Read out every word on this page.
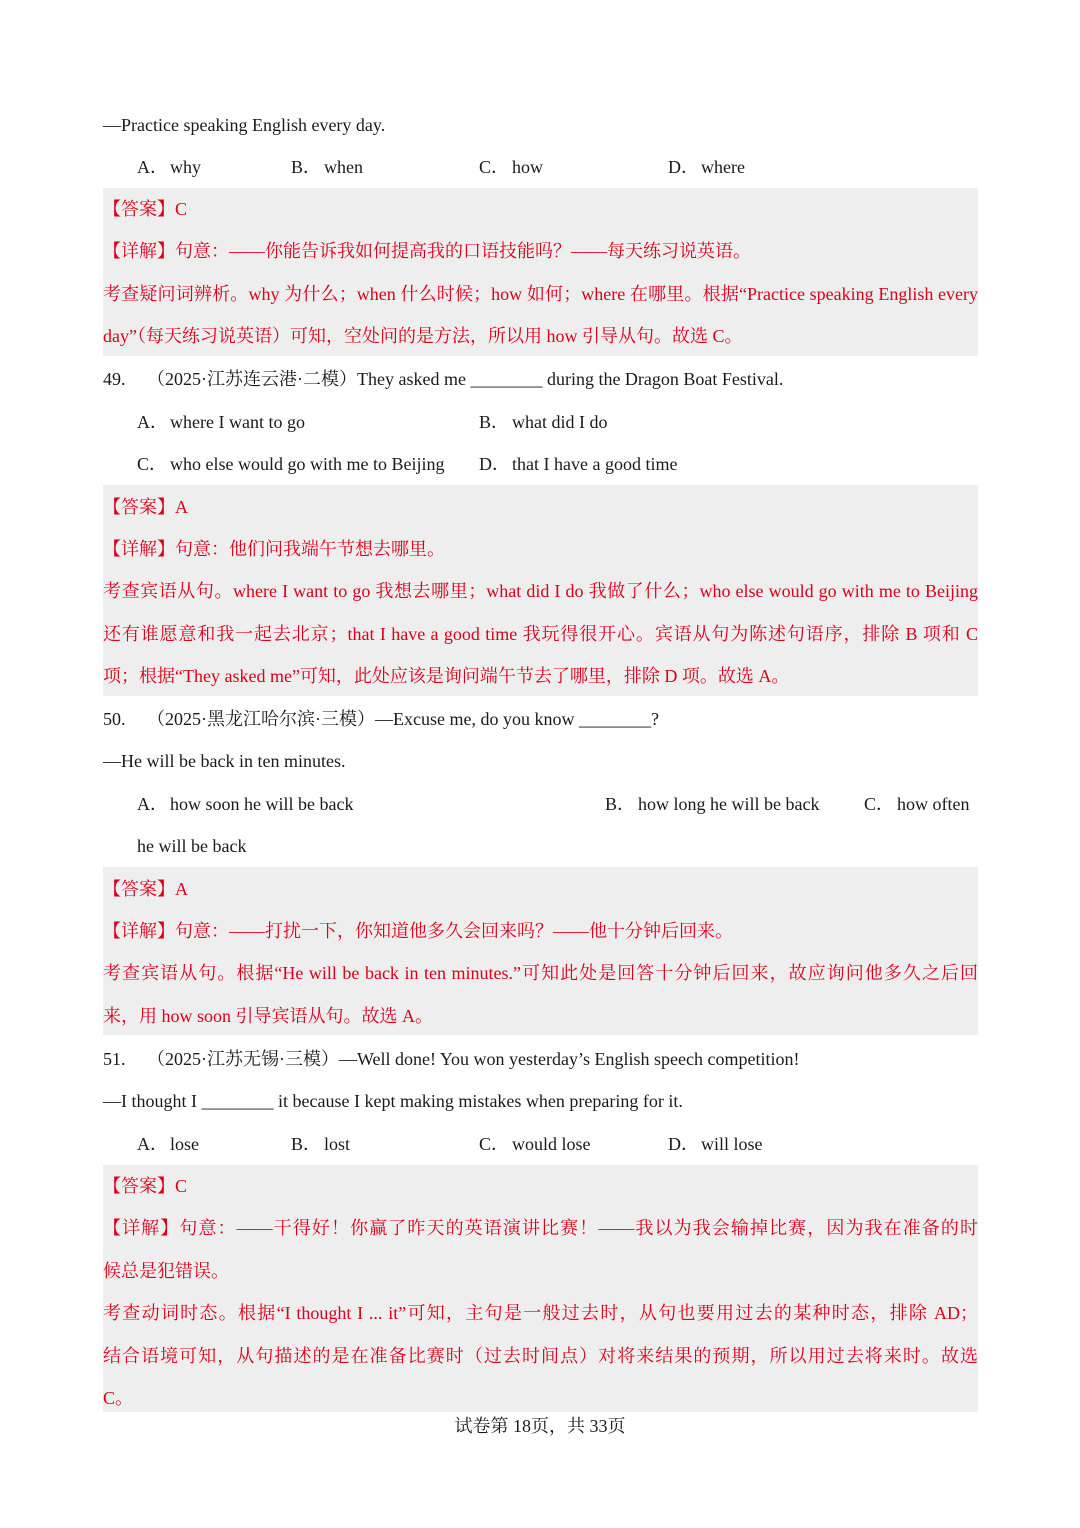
—Practice speaking English every day.
A． why	B． when	C． how	D． where
【答案】C
【详解】句意：——你能告诉我如何提高我的口语技能吗？——每天练习说英语。
考查疑问词辨析。why 为什么；when 什么时候；how 如何；where 在哪里。根据“Practice speaking English every
day”（每天练习说英语）可知，空处问的是方法，所以用 how 引导从句。故选 C。
49. （2025·江苏连云港·二模）They asked me ________ during the Dragon Boat Festival.
A． where I want to go	B． what did I do
C． who else would go with me to Beijing D． that I have a good time
【答案】A
【详解】句意：他们问我端午节想去哪里。
考查宾语从句。where I want to go 我想去哪里；what did I do 我做了什么；who else would go with me to Beijing
还有谁愿意和我一起去北京；that I have a good time 我玩得很开心。宾语从句为陈述句语序，排除 B 项和 C
项；根据“They asked me”可知，此处应该是询问端午节去了哪里，排除 D 项。故选 A。
50. （2025·黑龙江哈尔滨·三模）—Excuse me, do you know ________?
—He will be back in ten minutes.
A． how soon he will be back	B． how long he will be back C． how often
he will be back
【答案】A
【详解】句意：——打扰一下，你知道他多久会回来吗？——他十分钟后回来。
考查宾语从句。根据“He will be back in ten minutes.”可知此处是回答十分钟后回来，故应询问他多久之后回
来，用 how soon 引导宾语从句。故选 A。
51. （2025·江苏无锡·三模）—Well done! You won yesterday’s English speech competition!
—I thought I ________ it because I kept making mistakes when preparing for it.
A． lose	B． lost	C． would lose	D． will lose
【答案】C
【详解】句意：——干得好！你赢了昨天的英语演讲比赛！——我以为我会输掉比赛，因为我在准备的时
候总是犯错误。
考查动词时态。根据“I thought I ... it”可知，主句是一般过去时，从句也要用过去的某种时态，排除 AD；
结合语境可知，从句描述的是在准备比赛时（过去时间点）对将来结果的预期，所以用过去将来时。故选
C。
试卷第 18页，共 33页
